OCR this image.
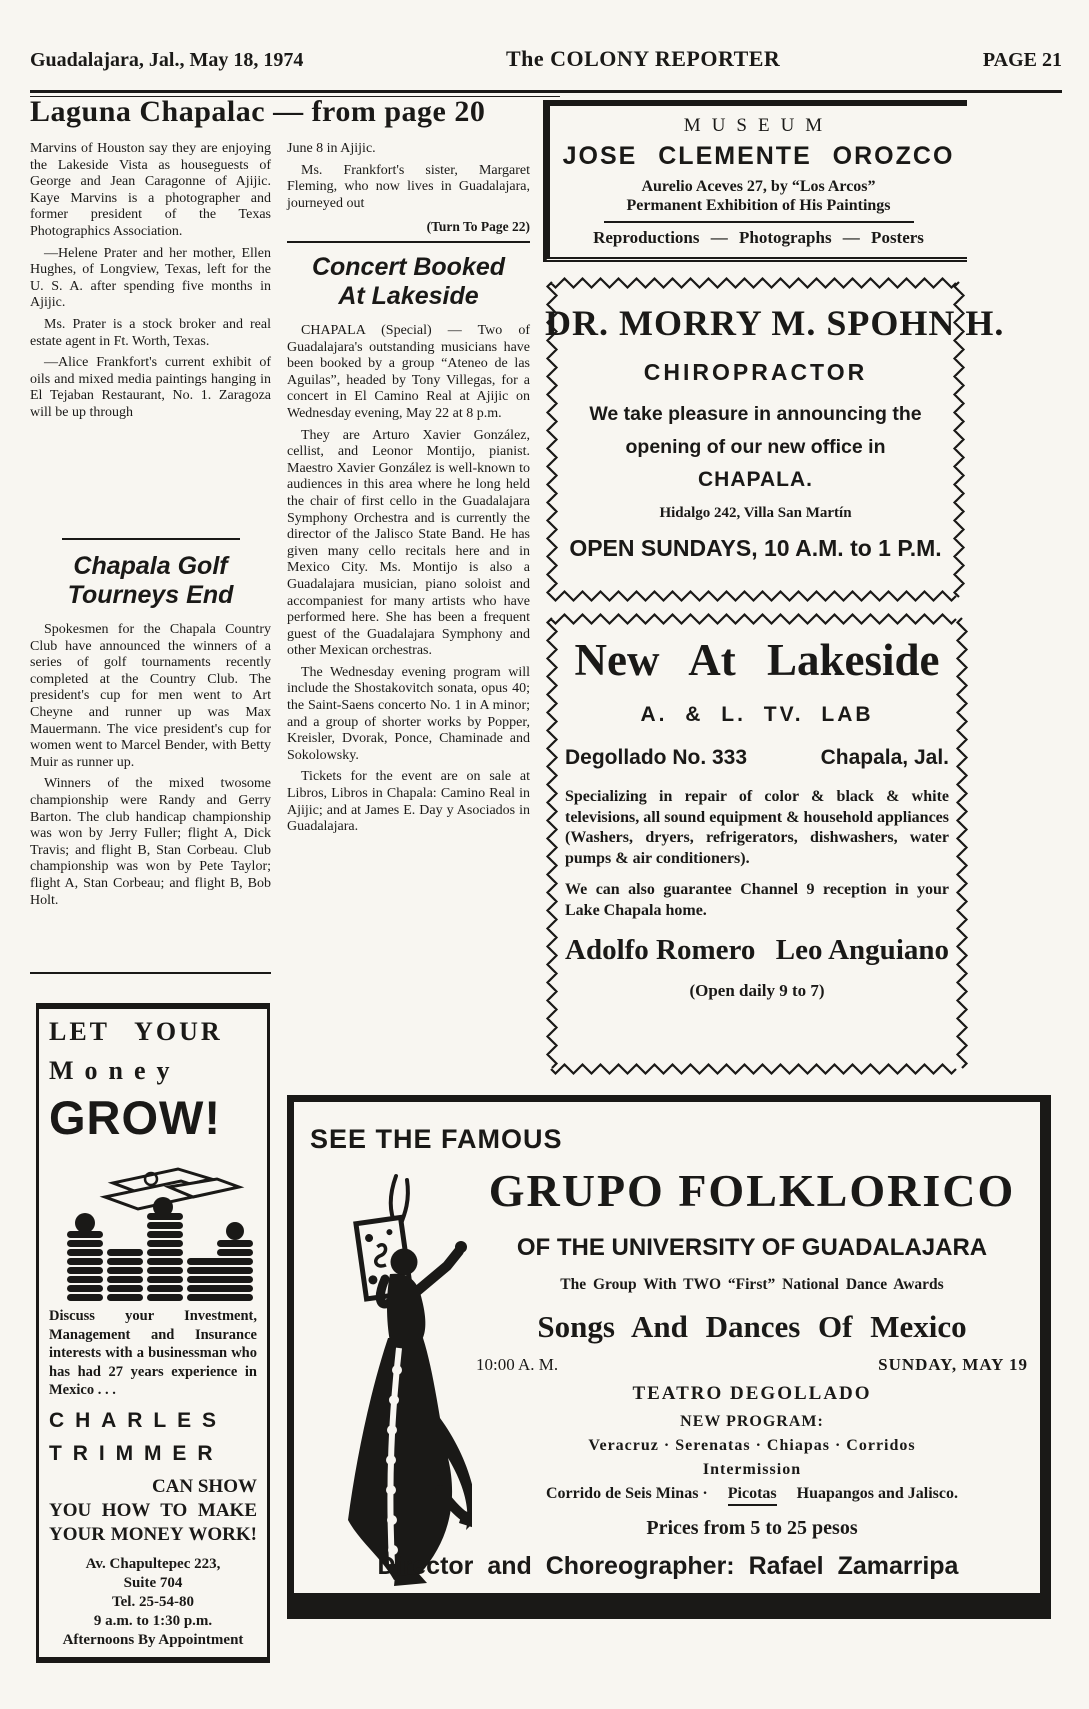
Guadalajara, Jal., May 18, 1974	The COLONY REPORTER	PAGE 21
Laguna Chapalac — from page 20

Marvins of Houston say they are enjoying the Lakeside Vista as houseguests of George and Jean Caragonne of Ajijic. Kaye Marvins is a photographer and former president of the Texas Photographics Association.

—Helene Prater and her mother, Ellen Hughes, of Longview, Texas, left for the U. S. A. after spending five months in Ajijic.

Ms. Prater is a stock broker and real estate agent in Ft. Worth, Texas.

—Alice Frankfort's current exhibit of oils and mixed media paintings hanging in El Tejaban Restaurant, No. 1. Zaragoza will be up through

June 8 in Ajijic.

Ms. Frankfort's sister, Margaret Fleming, who now lives in Guadalajara, journeyed out

(Turn To Page 22)
Chapala Golf
Tourneys End

Spokesmen for the Chapala Country Club have announced the winners of a series of golf tournaments recently completed at the Country Club. The president's cup for men went to Art Cheyne and runner up was Max Mauermann. The vice president's cup for women went to Marcel Bender, with Betty Muir as runner up.

Winners of the mixed twosome championship were Randy and Gerry Barton. The club handicap championship was won by Jerry Fuller; flight A, Dick Travis; and flight B, Stan Corbeau. Club championship was won by Pete Taylor; flight A, Stan Corbeau; and flight B, Bob Holt.

Concert Booked
At Lakeside

CHAPALA (Special) — Two of Guadalajara's outstanding musicians have been booked by a group “Ateneo de las Aguilas”, headed by Tony Villegas, for a concert in El Camino Real at Ajijic on Wednesday evening, May 22 at 8 p.m.

They are Arturo Xavier González, cellist, and Leonor Montijo, pianist. Maestro Xavier González is well-known to audiences in this area where he long held the chair of first cello in the Guadalajara Symphony Orchestra and is currently the director of the Jalisco State Band. He has given many cello recitals here and in Mexico City. Ms. Montijo is also a Guadalajara musician, piano soloist and accompaniest for many artists who have performed here. She has been a frequent guest of the Guadalajara Symphony and other Mexican orchestras.

The Wednesday evening program will include the Shostakovitch sonata, opus 40; the Saint-Saens concerto No. 1 in A minor; and a group of shorter works by Popper, Kreisler, Dvorak, Ponce, Chaminade and Sokolowsky.

Tickets for the event are on sale at Libros, Libros in Chapala: Camino Real in Ajijic; and at James E. Day y Asociados in Guadalajara.

MUSEUM
JOSE CLEMENTE OROZCO
Aurelio Aceves 27, by “Los Arcos”
Permanent Exhibition of His Paintings
Reproductions — Photographs — Posters
DR. MORRY M. SPOHN H.
CHIROPRACTOR
We take pleasure in announcing the
opening of our new office in
CHAPALA.
Hidalgo 242, Villa San Martín
OPEN SUNDAYS, 10 A.M. to 1 P.M.
New At Lakeside
A. & L. TV. LAB
Degollado No. 333	Chapala, Jal.

Specializing in repair of color & black & white televisions, all sound equipment & household appliances (Washers, dryers, refrigerators, dishwashers, water pumps & air conditioners).

We can also guarantee Channel 9 reception in your Lake Chapala home.

Adolfo Romero Leo Anguiano
(Open daily 9 to 7)
LET YOUR
Money
GROW!

Discuss your Investment, Management and Insurance interests with a businessman who has had 27 years experience in Mexico . . .

CHARLES
TRIMMER
CAN SHOW
YOU HOW TO MAKE
YOUR MONEY WORK!
Av. Chapultepec 223,
Suite 704
Tel. 25-54-80
9 a.m. to 1:30 p.m.
Afternoons By Appointment
SEE THE FAMOUS
GRUPO FOLKLORICO
OF THE UNIVERSITY OF GUADALAJARA
The Group With TWO “First” National Dance Awards
Songs And Dances Of Mexico
10:00 A. M.	SUNDAY, MAY 19
TEATRO DEGOLLADO
NEW PROGRAM:
Veracruz · Serenatas · Chiapas · Corridos
Intermission
Corrido de Seis Minas · Picotas Huapangos and Jalisco.
Prices from 5 to 25 pesos
Director and Choreographer: Rafael Zamarripa
